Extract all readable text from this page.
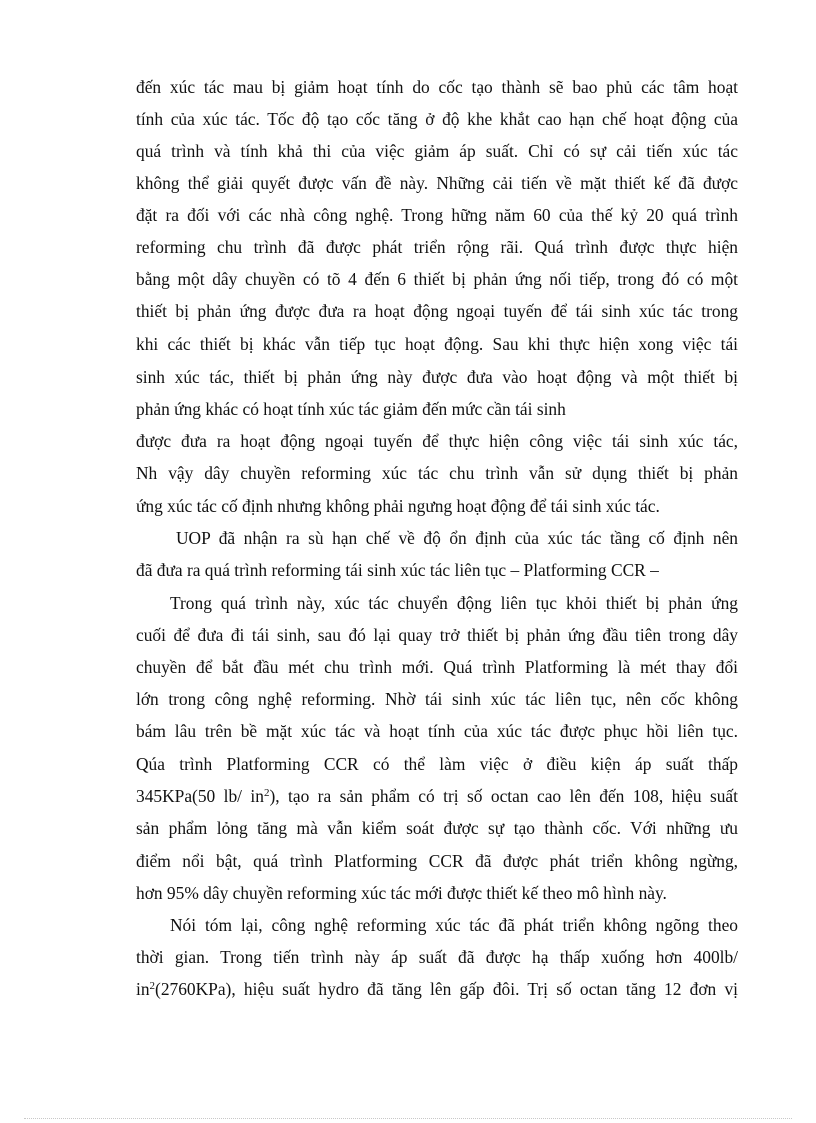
đến xúc tác mau bị giảm hoạt tính do cốc tạo thành sẽ bao phủ các tâm hoạt
tính của xúc tác. Tốc độ tạo cốc tăng ở độ khe khắt cao hạn chế hoạt động của
quá trình và tính khả thi của việc giảm áp suất. Chỉ có sự cải tiến xúc tác
không thể giải quyết được vấn đề này. Những cải tiến về mặt thiết kế đã được
đặt ra đối với các nhà công nghệ. Trong hững năm 60 của thế kỷ 20 quá trình
reforming chu trình đã được phát triển rộng rãi. Quá trình được thực hiện
bằng một dây chuyền có tõ 4 đến 6 thiết bị phản ứng nối tiếp, trong đó có một
thiết bị phản ứng được đưa ra hoạt động ngoại tuyến để tái sinh xúc tác trong
khi các thiết bị khác vẫn tiếp tục hoạt động. Sau khi thực hiện xong việc tái
sinh xúc tác, thiết bị phản ứng này được đưa vào hoạt động và một thiết bị
phản ứng khác có hoạt tính xúc tác giảm đến mức cần tái sinh
được đưa ra hoạt động ngoại tuyến để thực hiện công việc tái sinh xúc tác,
Nh vậy dây chuyền reforming xúc tác chu trình vẫn sử dụng thiết bị phản
ứng xúc tác cố định nhưng không phải ngưng hoạt động để tái sinh xúc tác.
UOP đã nhận ra sù hạn chế về độ ổn định của xúc tác tầng cố định nên
đã đưa ra quá trình reforming tái sinh xúc tác liên tục – Platforming CCR –
Trong quá trình này, xúc tác chuyển động liên tục khỏi thiết bị phản ứng
cuối để đưa đi tái sinh, sau đó lại quay trở thiết bị phản ứng đầu tiên trong dây
chuyền để bắt đầu mét chu trình mới. Quá trình Platforming là mét thay đổi
lớn trong công nghệ reforming. Nhờ tái sinh xúc tác liên tục, nên cốc không
bám lâu trên bề mặt xúc tác và hoạt tính của xúc tác được phục hồi liên tục.
Qúa trình Platforming CCR có thể làm việc ở điều kiện áp suất thấp
345KPa(50 lb/ $in^2$), tạo ra sản phẩm có trị số octan cao lên đến 108, hiệu suất
sản phẩm lỏng tăng mà vẫn kiểm soát được sự tạo thành cốc. Với những ưu
điểm nổi bật, quá trình Platforming CCR đã được phát triển không ngừng,
hơn 95% dây chuyền reforming xúc tác mới được thiết kế theo mô hình này.
Nói tóm lại, công nghệ reforming xúc tác đã phát triển không ngõng theo
thời gian. Trong tiến trình này áp suất đã được hạ thấp xuống hơn 400lb/
$in^2(2760KPa)$, hiệu suất hydro đã tăng lên gấp đôi. Trị số octan tăng 12 đơn vị
